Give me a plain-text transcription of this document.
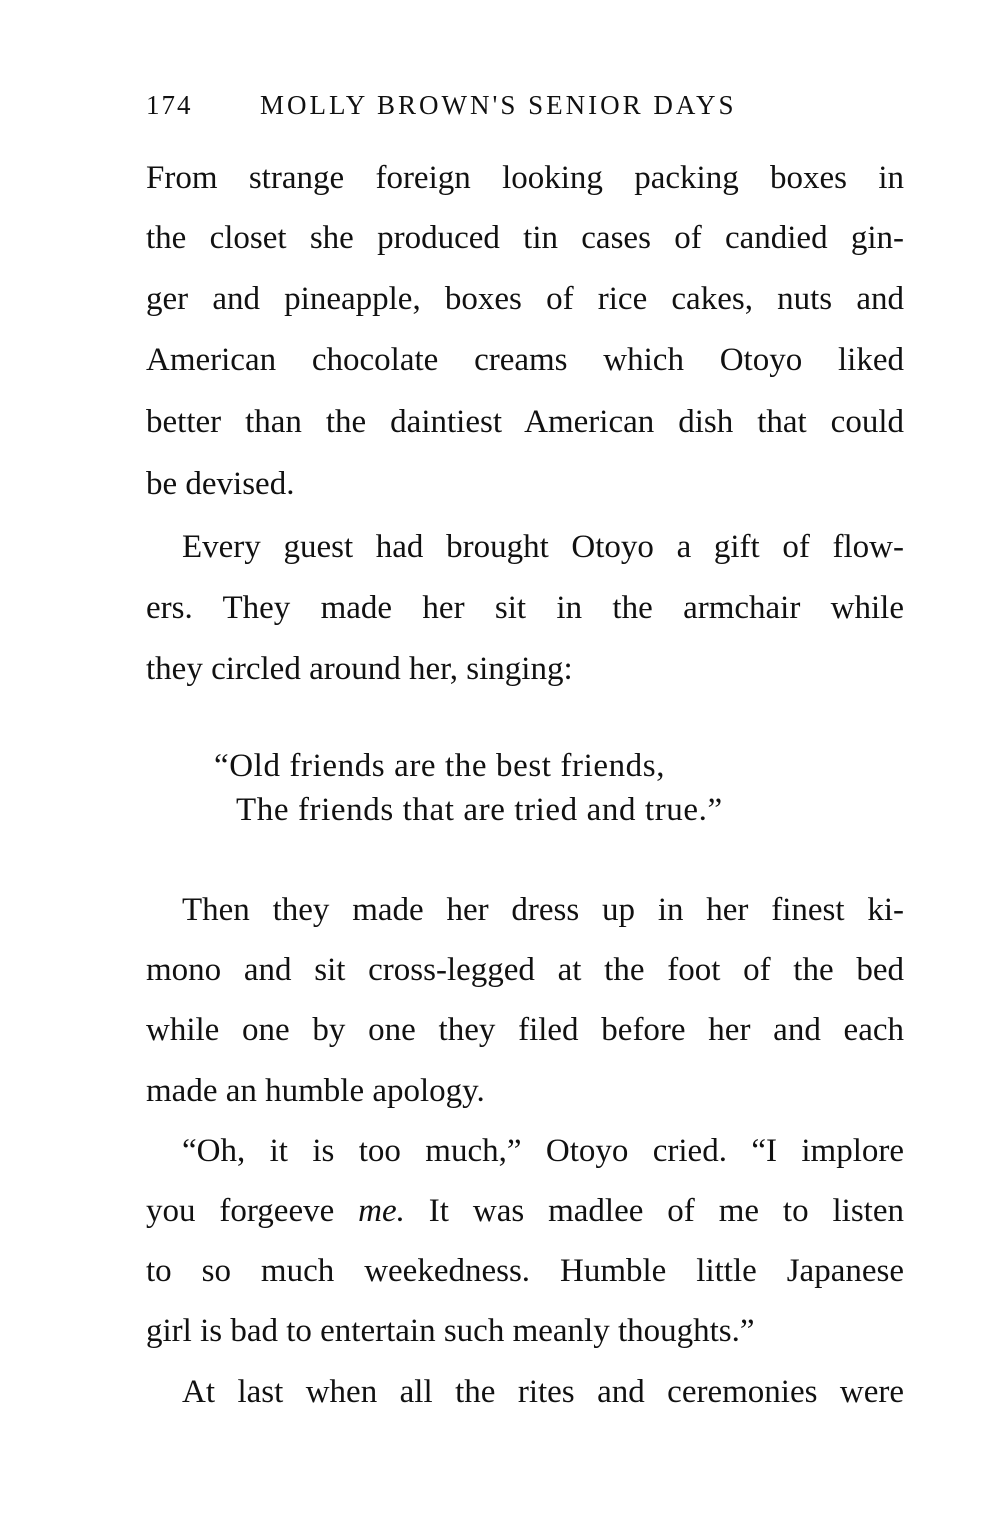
174	MOLLY BROWN'S SENIOR DAYS
From strange foreign looking packing boxes in
the closet she produced tin cases of candied gin-
ger and pineapple, boxes of rice cakes, nuts and
American chocolate creams which Otoyo liked
better than the daintiest American dish that could
be devised.
Every guest had brought Otoyo a gift of flow-
ers. They made her sit in the armchair while
they circled around her, singing:
“Old friends are the best friends,
The friends that are tried and true.”
Then they made her dress up in her finest ki-
mono and sit cross-legged at the foot of the bed
while one by one they filed before her and each
made an humble apology.
“Oh, it is too much,” Otoyo cried. “I implore
you forgeeve me. It was madlee of me to listen
to so much weekedness. Humble little Japanese
girl is bad to entertain such meanly thoughts.”
At last when all the rites and ceremonies were
